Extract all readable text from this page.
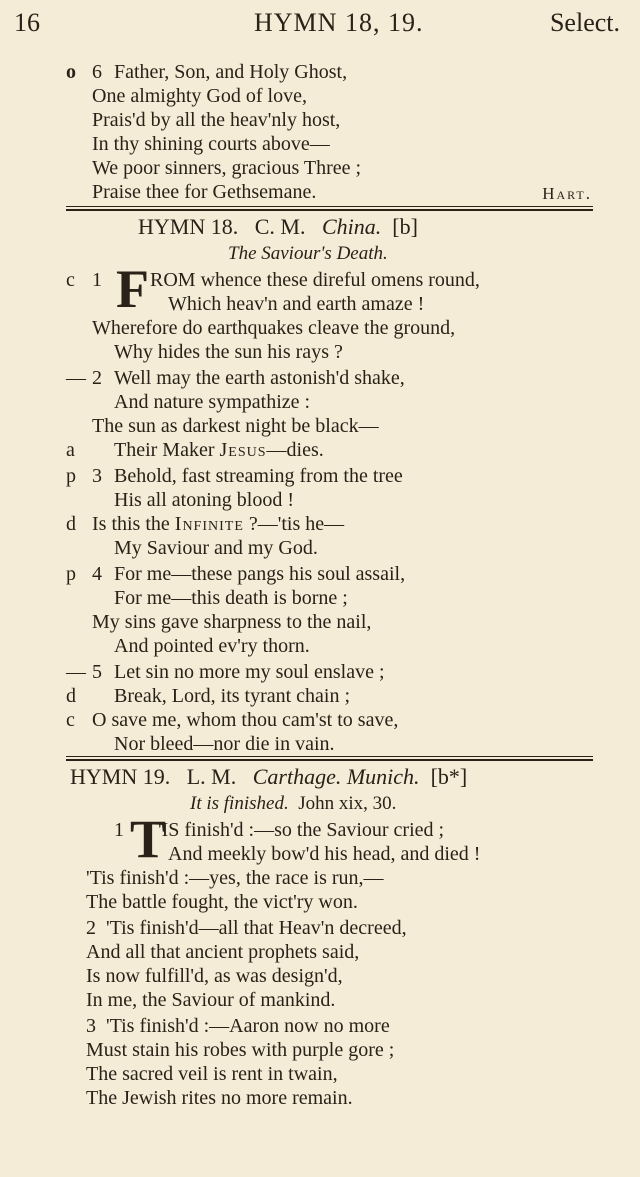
16	HYMN 18, 19.	Select.
o 6 Father, Son, and Holy Ghost,
One almighty God of love,
Prais'd by all the heav'nly host,
In thy shining courts above—
We poor sinners, gracious Three ;
Praise thee for Gethsemane.	Hart.
HYMN 18. C. M. China. [b]
The Saviour's Death.
c 1 F ROM whence these direful omens round,
Which heav'n and earth amaze !
Wherefore do earthquakes cleave the ground,
Why hides the sun his rays ?
— 2 Well may the earth astonish'd shake,
And nature sympathize :
The sun as darkest night be black—
a Their Maker Jesus—dies.
p 3 Behold, fast streaming from the tree
His all atoning blood !
d Is this the Infinite ?—'tis he—
My Saviour and my God.
p 4 For me—these pangs his soul assail,
For me—this death is borne ;
My sins gave sharpness to the nail,
And pointed ev'ry thorn.
— 5 Let sin no more my soul enslave ;
d Break, Lord, its tyrant chain ;
c O save me, whom thou cam'st to save,
Nor bleed—nor die in vain.
HYMN 19. L. M. Carthage. Munich. [b*]
It is finished. John xix, 30.
1 T
'IS finish'd :—so the Saviour cried ;
And meekly bow'd his head, and died !
'Tis finish'd :—yes, the race is run,—
The battle fought, the vict'ry won.
2 'Tis finish'd—all that Heav'n decreed,
And all that ancient prophets said,
Is now fulfill'd, as was design'd,
In me, the Saviour of mankind.
3 'Tis finish'd :—Aaron now no more
Must stain his robes with purple gore ;
The sacred veil is rent in twain,
The Jewish rites no more remain.
